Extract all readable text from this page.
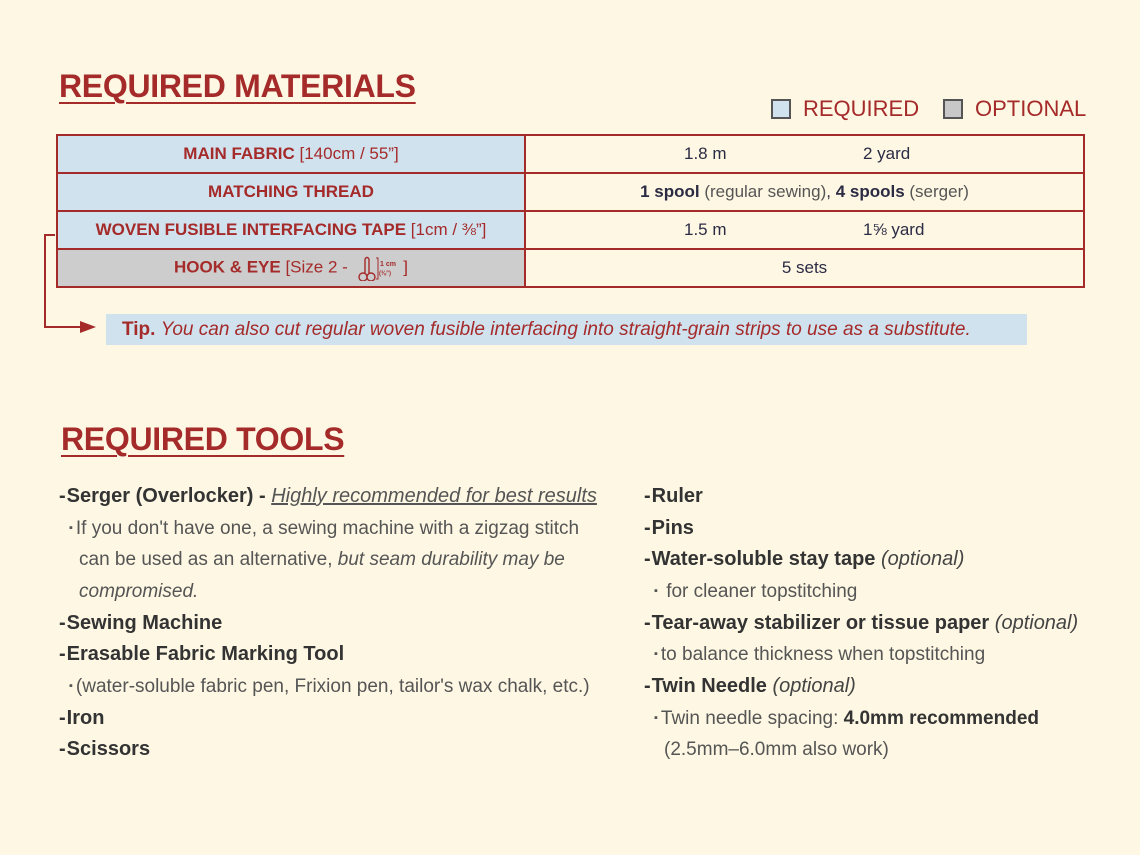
REQUIRED MATERIALS
REQUIRED	OPTIONAL
MAIN FABRIC [140cm / 55”]	1.8 m 2 yard

MATCHING THREAD	1 spool (regular sewing), 4 spools (serger)
WOVEN FUSIBLE INTERFACING TAPE [1cm / ⅜”]	1.5 m 1⅝ yard

HOOK & EYE [Size 2 - 1 cm
(⅜”) ]	5 sets
Tip. You can also cut regular woven fusible interfacing into straight-grain strips to use as a substitute.
REQUIRED TOOLS
-Serger (Overlocker) - Highly recommended for best results
▪ If you don't have one, a sewing machine with a zigzag stitch
can be used as an alternative, but seam durability may be
compromised.
-Sewing Machine
-Erasable Fabric Marking Tool
▪ (water-soluble fabric pen, Frixion pen, tailor's wax chalk, etc.)
-Iron
-Scissors
-Ruler
-Pins
-Water-soluble stay tape (optional)
▪ for cleaner topstitching
-Tear-away stabilizer or tissue paper (optional)
▪ to balance thickness when topstitching
-Twin Needle (optional)
▪ Twin needle spacing: 4.0mm recommended
(2.5mm–6.0mm also work)
